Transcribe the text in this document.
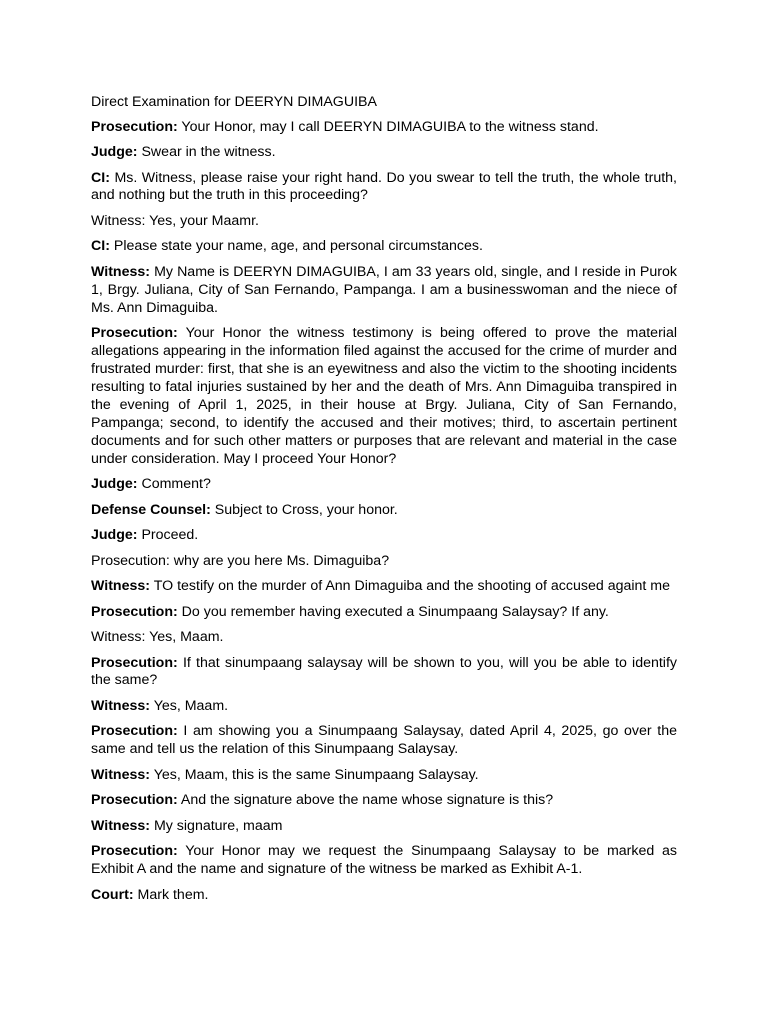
Direct Examination for DEERYN DIMAGUIBA

Prosecution: Your Honor, may I call DEERYN DIMAGUIBA to the witness stand.

Judge: Swear in the witness.

CI: Ms. Witness, please raise your right hand. Do you swear to tell the truth, the whole truth, and nothing but the truth in this proceeding?

Witness: Yes, your Maamr.

CI: Please state your name, age, and personal circumstances.

Witness: My Name is DEERYN DIMAGUIBA, I am 33 years old, single, and I reside in Purok 1, Brgy. Juliana, City of San Fernando, Pampanga. I am a businesswoman and the niece of Ms. Ann Dimaguiba.

Prosecution: Your Honor the witness testimony is being offered to prove the material allegations appearing in the information filed against the accused for the crime of murder and frustrated murder: first, that she is an eyewitness and also the victim to the shooting incidents resulting to fatal injuries sustained by her and the death of Mrs. Ann Dimaguiba transpired in the evening of April 1, 2025, in their house at Brgy. Juliana, City of San Fernando, Pampanga; second, to identify the accused and their motives; third, to ascertain pertinent documents and for such other matters or purposes that are relevant and material in the case under consideration. May I proceed Your Honor?

Judge: Comment?

Defense Counsel: Subject to Cross, your honor.

Judge: Proceed.

Prosecution: why are you here Ms. Dimaguiba?

Witness: TO testify on the murder of Ann Dimaguiba and the shooting of accused againt me

Prosecution: Do you remember having executed a Sinumpaang Salaysay? If any.

Witness: Yes, Maam.

Prosecution: If that sinumpaang salaysay will be shown to you, will you be able to identify the same?

Witness: Yes, Maam.

Prosecution: I am showing you a Sinumpaang Salaysay, dated April 4, 2025, go over the same and tell us the relation of this Sinumpaang Salaysay.

Witness: Yes, Maam, this is the same Sinumpaang Salaysay.

Prosecution: And the signature above the name whose signature is this?

Witness: My signature, maam

Prosecution: Your Honor may we request the Sinumpaang Salaysay to be marked as Exhibit A and the name and signature of the witness be marked as Exhibit A-1.

Court: Mark them.
